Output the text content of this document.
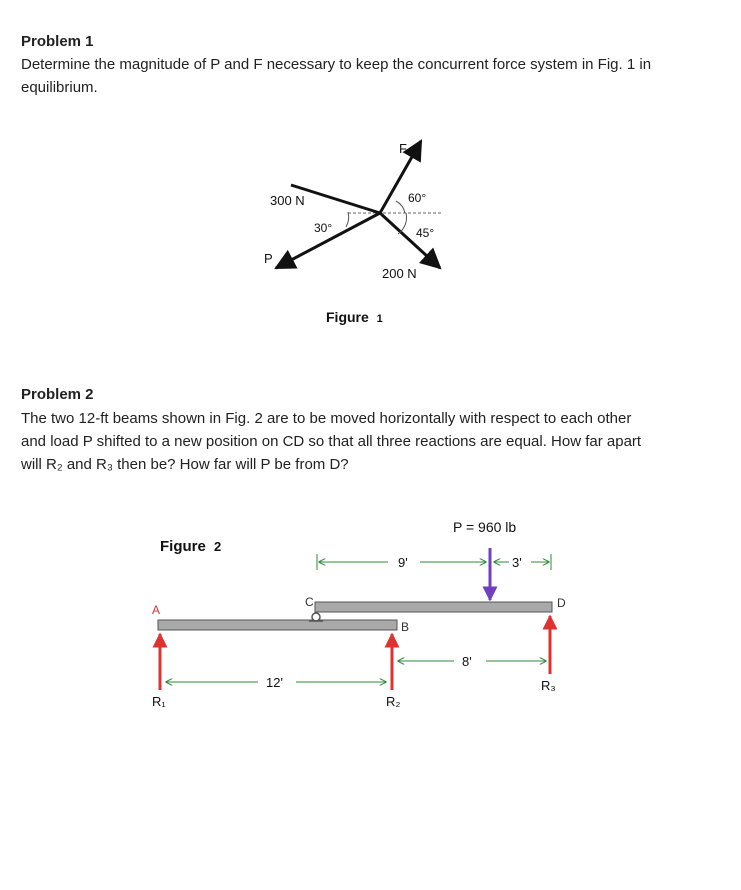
Problem 1
Determine the magnitude of P and F necessary to keep the concurrent force system in Fig. 1 in equilibrium.
Problem 2
The two 12-ft beams shown in Fig. 2 are to be moved horizontally with respect to each other
and load P shifted to a new position on CD so that all three reactions are equal. How far apart
will R₂ and R₃ then be? How far will P be from D?
300 N
F
P
200 N
30°
60°
45°
Figure 1
Figure 2
A
C
B
D
P = 960 lb
R₁	R₂
R₃
9'	3'
8'
12'
